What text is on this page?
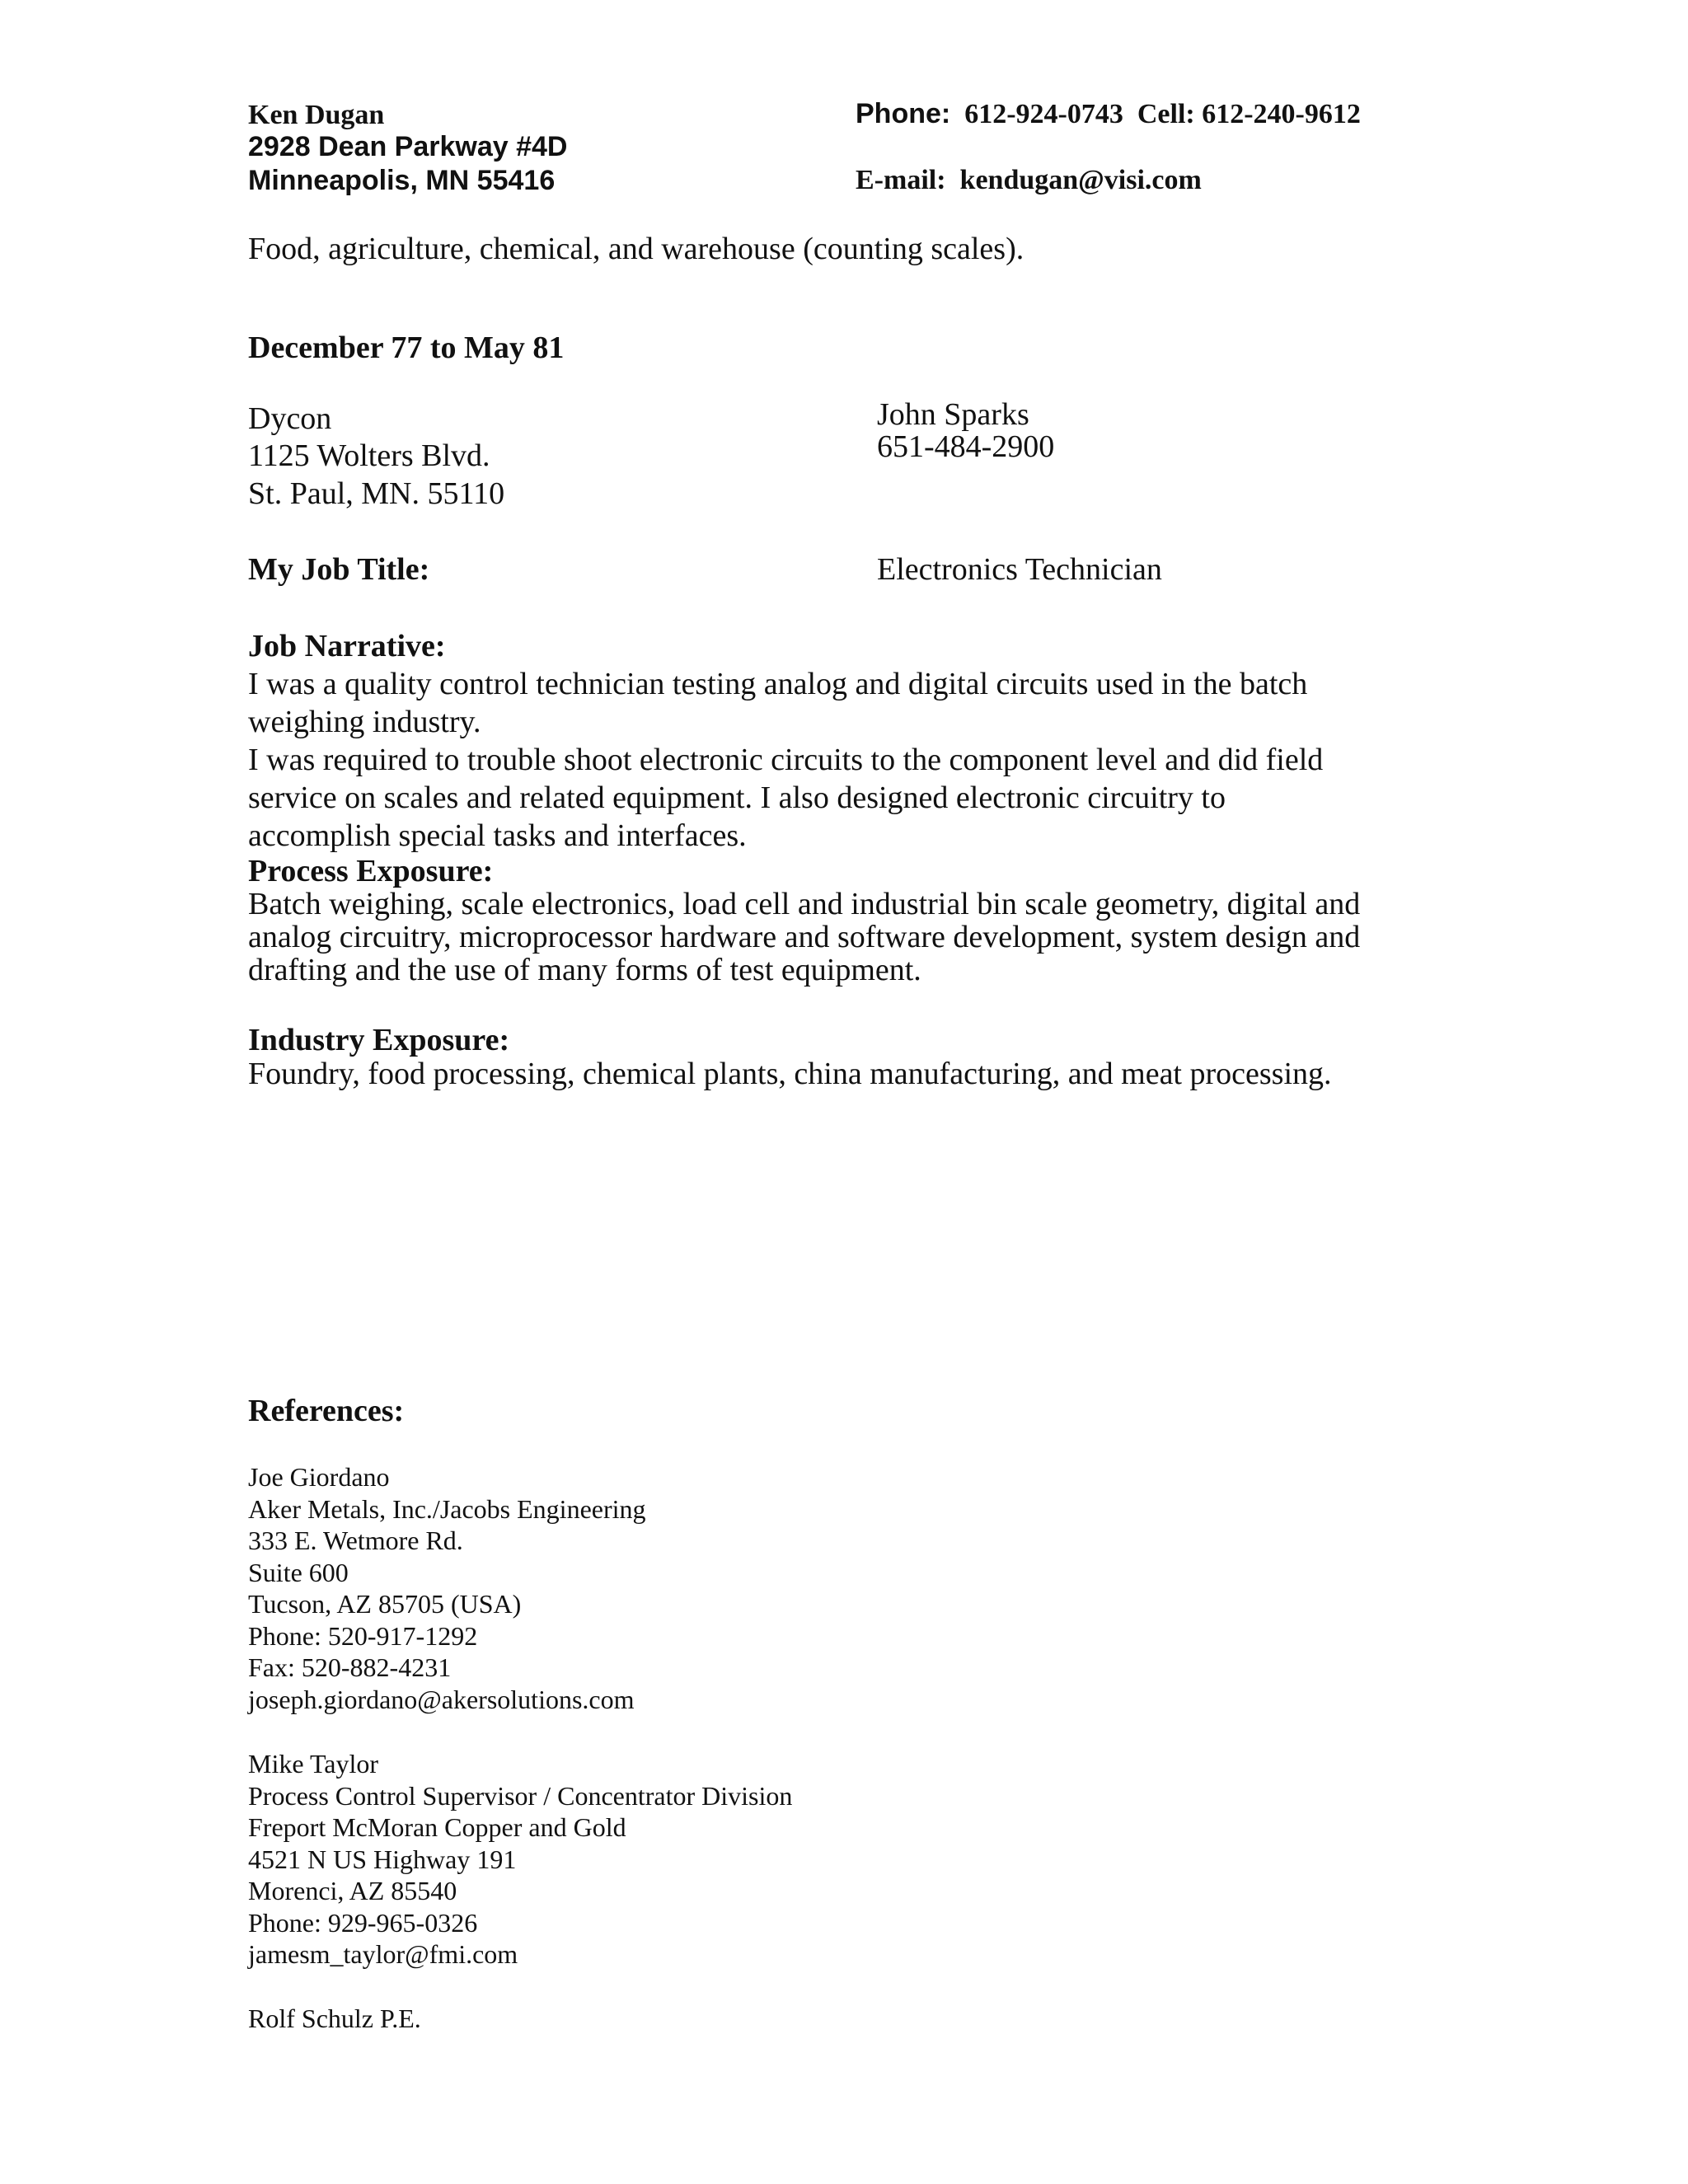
Ken Dugan
2928 Dean Parkway #4D
Minneapolis, MN 55416
Phone: 612-924-0743 Cell: 612-240-9612
E-mail: kendugan@visi.com
Food, agriculture, chemical, and warehouse (counting scales).
December 77 to May 81
Dycon
1125 Wolters Blvd.
St. Paul, MN. 55110
John Sparks
651-484-2900
My Job Title:	Electronics Technician
Job Narrative:
I was a quality control technician testing analog and digital circuits used in the batch
weighing industry.
I was required to trouble shoot electronic circuits to the component level and did field
service on scales and related equipment. I also designed electronic circuitry to
accomplish special tasks and interfaces.
Process Exposure:
Batch weighing, scale electronics, load cell and industrial bin scale geometry, digital and
analog circuitry, microprocessor hardware and software development, system design and
drafting and the use of many forms of test equipment.
Industry Exposure:
Foundry, food processing, chemical plants, china manufacturing, and meat processing.
References:
Joe Giordano
Aker Metals, Inc./Jacobs Engineering
333 E. Wetmore Rd.
Suite 600
Tucson, AZ 85705 (USA)
Phone: 520-917-1292
Fax: 520-882-4231
joseph.giordano@akersolutions.com
Mike Taylor
Process Control Supervisor / Concentrator Division
Freport McMoran Copper and Gold
4521 N US Highway 191
Morenci, AZ 85540
Phone: 929-965-0326
jamesm_taylor@fmi.com
Rolf Schulz P.E.
